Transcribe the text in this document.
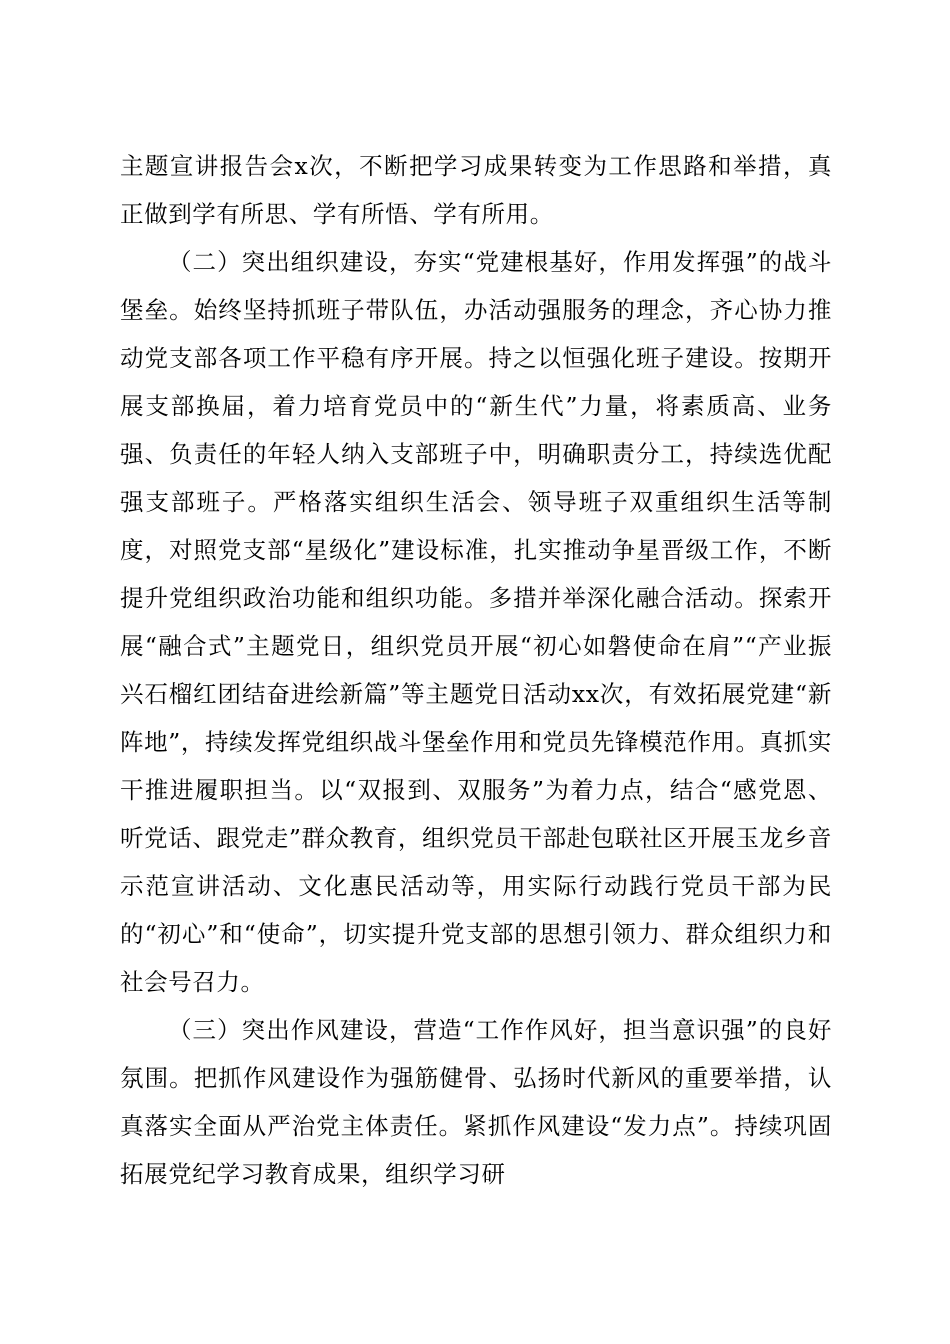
主题宣讲报告会x次，不断把学习成果转变为工作思路和举措，真正做到学有所思、学有所悟、学有所用。

（二）突出组织建设，夯实“党建根基好，作用发挥强”的战斗堡垒。始终坚持抓班子带队伍，办活动强服务的理念，齐心协力推动党支部各项工作平稳有序开展。持之以恒强化班子建设。按期开展支部换届，着力培育党员中的“新生代”力量，将素质高、业务强、负责任的年轻人纳入支部班子中，明确职责分工，持续选优配强支部班子。严格落实组织生活会、领导班子双重组织生活等制度，对照党支部“星级化”建设标准，扎实推动争星晋级工作，不断提升党组织政治功能和组织功能。多措并举深化融合活动。探索开展“融合式”主题党日，组织党员开展“初心如磐使命在肩”“产业振兴石榴红团结奋进绘新篇”等主题党日活动xx次，有效拓展党建“新阵地”，持续发挥党组织战斗堡垒作用和党员先锋模范作用。真抓实干推进履职担当。以“双报到、双服务”为着力点，结合“感党恩、听党话、跟党走”群众教育，组织党员干部赴包联社区开展玉龙乡音示范宣讲活动、文化惠民活动等，用实际行动践行党员干部为民的“初心”和“使命”，切实提升党支部的思想引领力、群众组织力和社会号召力。

（三）突出作风建设，营造“工作作风好，担当意识强”的良好氛围。把抓作风建设作为强筋健骨、弘扬时代新风的重要举措，认真落实全面从严治党主体责任。紧抓作风建设“发力点”。持续巩固拓展党纪学习教育成果，组织学习研
